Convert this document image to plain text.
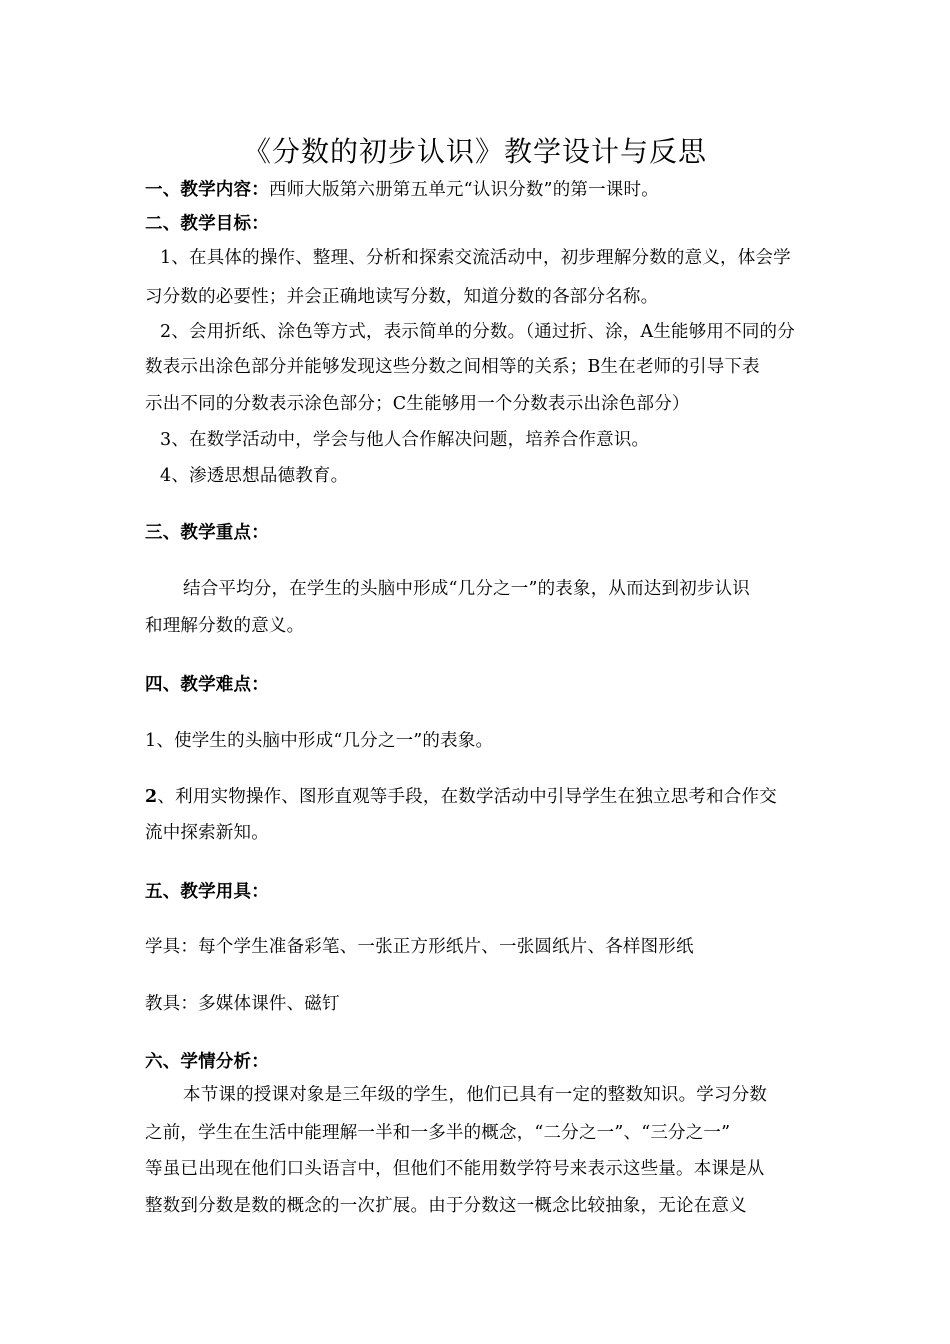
《分数的初步认识》教学设计与反思
一、教学内容：西师大版第六册第五单元“认识分数”的第一课时。
二、教学目标：
1、在具体的操作、整理、分析和探索交流活动中，初步理解分数的意义，体会学
习分数的必要性；并会正确地读写分数，知道分数的各部分名称。
2、会用折纸、涂色等方式，表示简单的分数。（通过折、涂，A生能够用不同的分
数表示出涂色部分并能够发现这些分数之间相等的关系；B生在老师的引导下表
示出不同的分数表示涂色部分；C生能够用一个分数表示出涂色部分）
3、在数学活动中，学会与他人合作解决问题，培养合作意识。
4、渗透思想品德教育。
三、教学重点：
结合平均分，在学生的头脑中形成“几分之一”的表象，从而达到初步认识
和理解分数的意义。
四、教学难点：
1、使学生的头脑中形成“几分之一”的表象。
2、利用实物操作、图形直观等手段，在数学活动中引导学生在独立思考和合作交
流中探索新知。
五、教学用具：
学具：每个学生准备彩笔、一张正方形纸片、一张圆纸片、各样图形纸
教具：多媒体课件、磁钉
六、学情分析：
本节课的授课对象是三年级的学生，他们已具有一定的整数知识。学习分数
之前，学生在生活中能理解一半和一多半的概念，“二分之一”、“三分之一”
等虽已出现在他们口头语言中，但他们不能用数学符号来表示这些量。本课是从
整数到分数是数的概念的一次扩展。由于分数这一概念比较抽象，无论在意义
